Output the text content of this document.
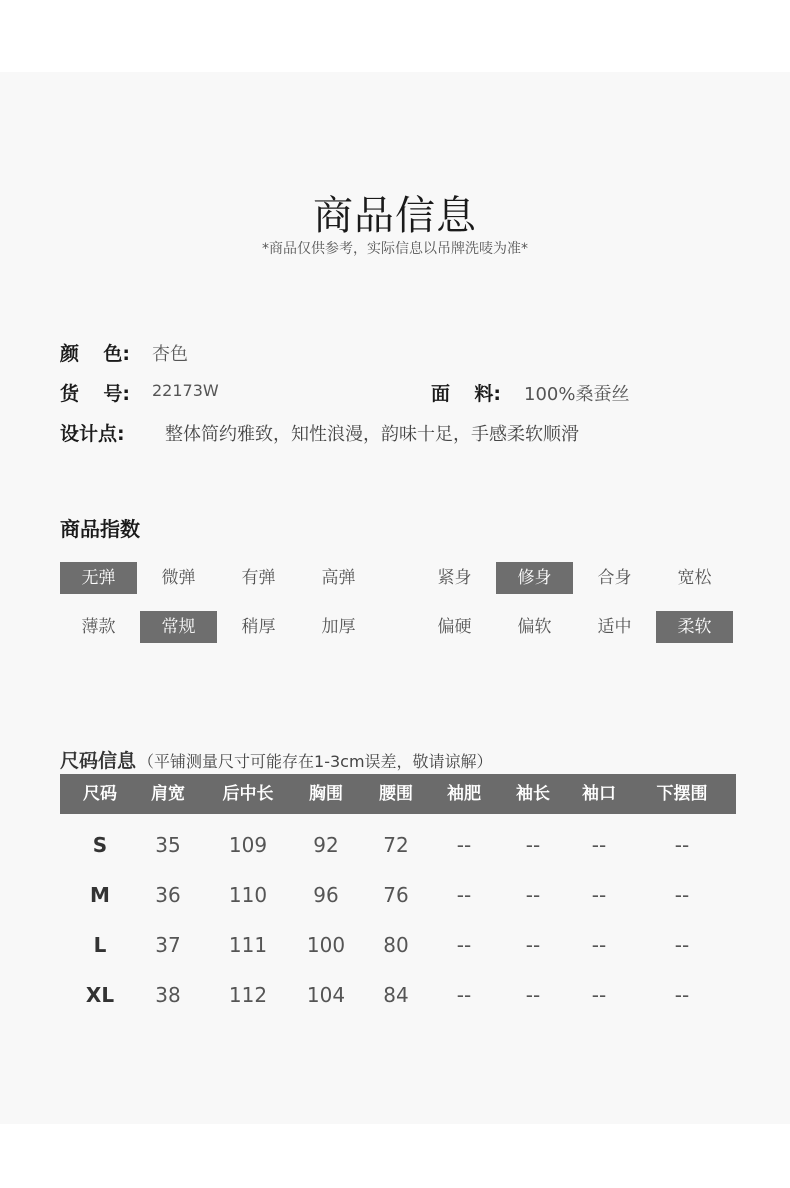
商品信息
*商品仅供参考，实际信息以吊牌洗唛为准*
颜 色: 杏色
货 号: 22173W	面 料: 100%桑蚕丝
设计点: 整体简约雅致，知性浪漫，韵味十足，手感柔软顺滑
商品指数
无弹	微弹	有弹	高弹	紧身	修身	合身	宽松
薄款	常规	稍厚	加厚	偏硬	偏软	适中	柔软
尺码信息 （平铺测量尺寸可能存在1-3cm误差，敬请谅解）
尺码	肩宽	后中长	胸围	腰围	袖肥	袖长	袖口	下摆围
S	35	109	92	72	--	--	--	--
M	36	110	96	76	--	--	--	--
L	37	111	100	80	--	--	--	--
XL	38	112	104	84	--	--	--	--
